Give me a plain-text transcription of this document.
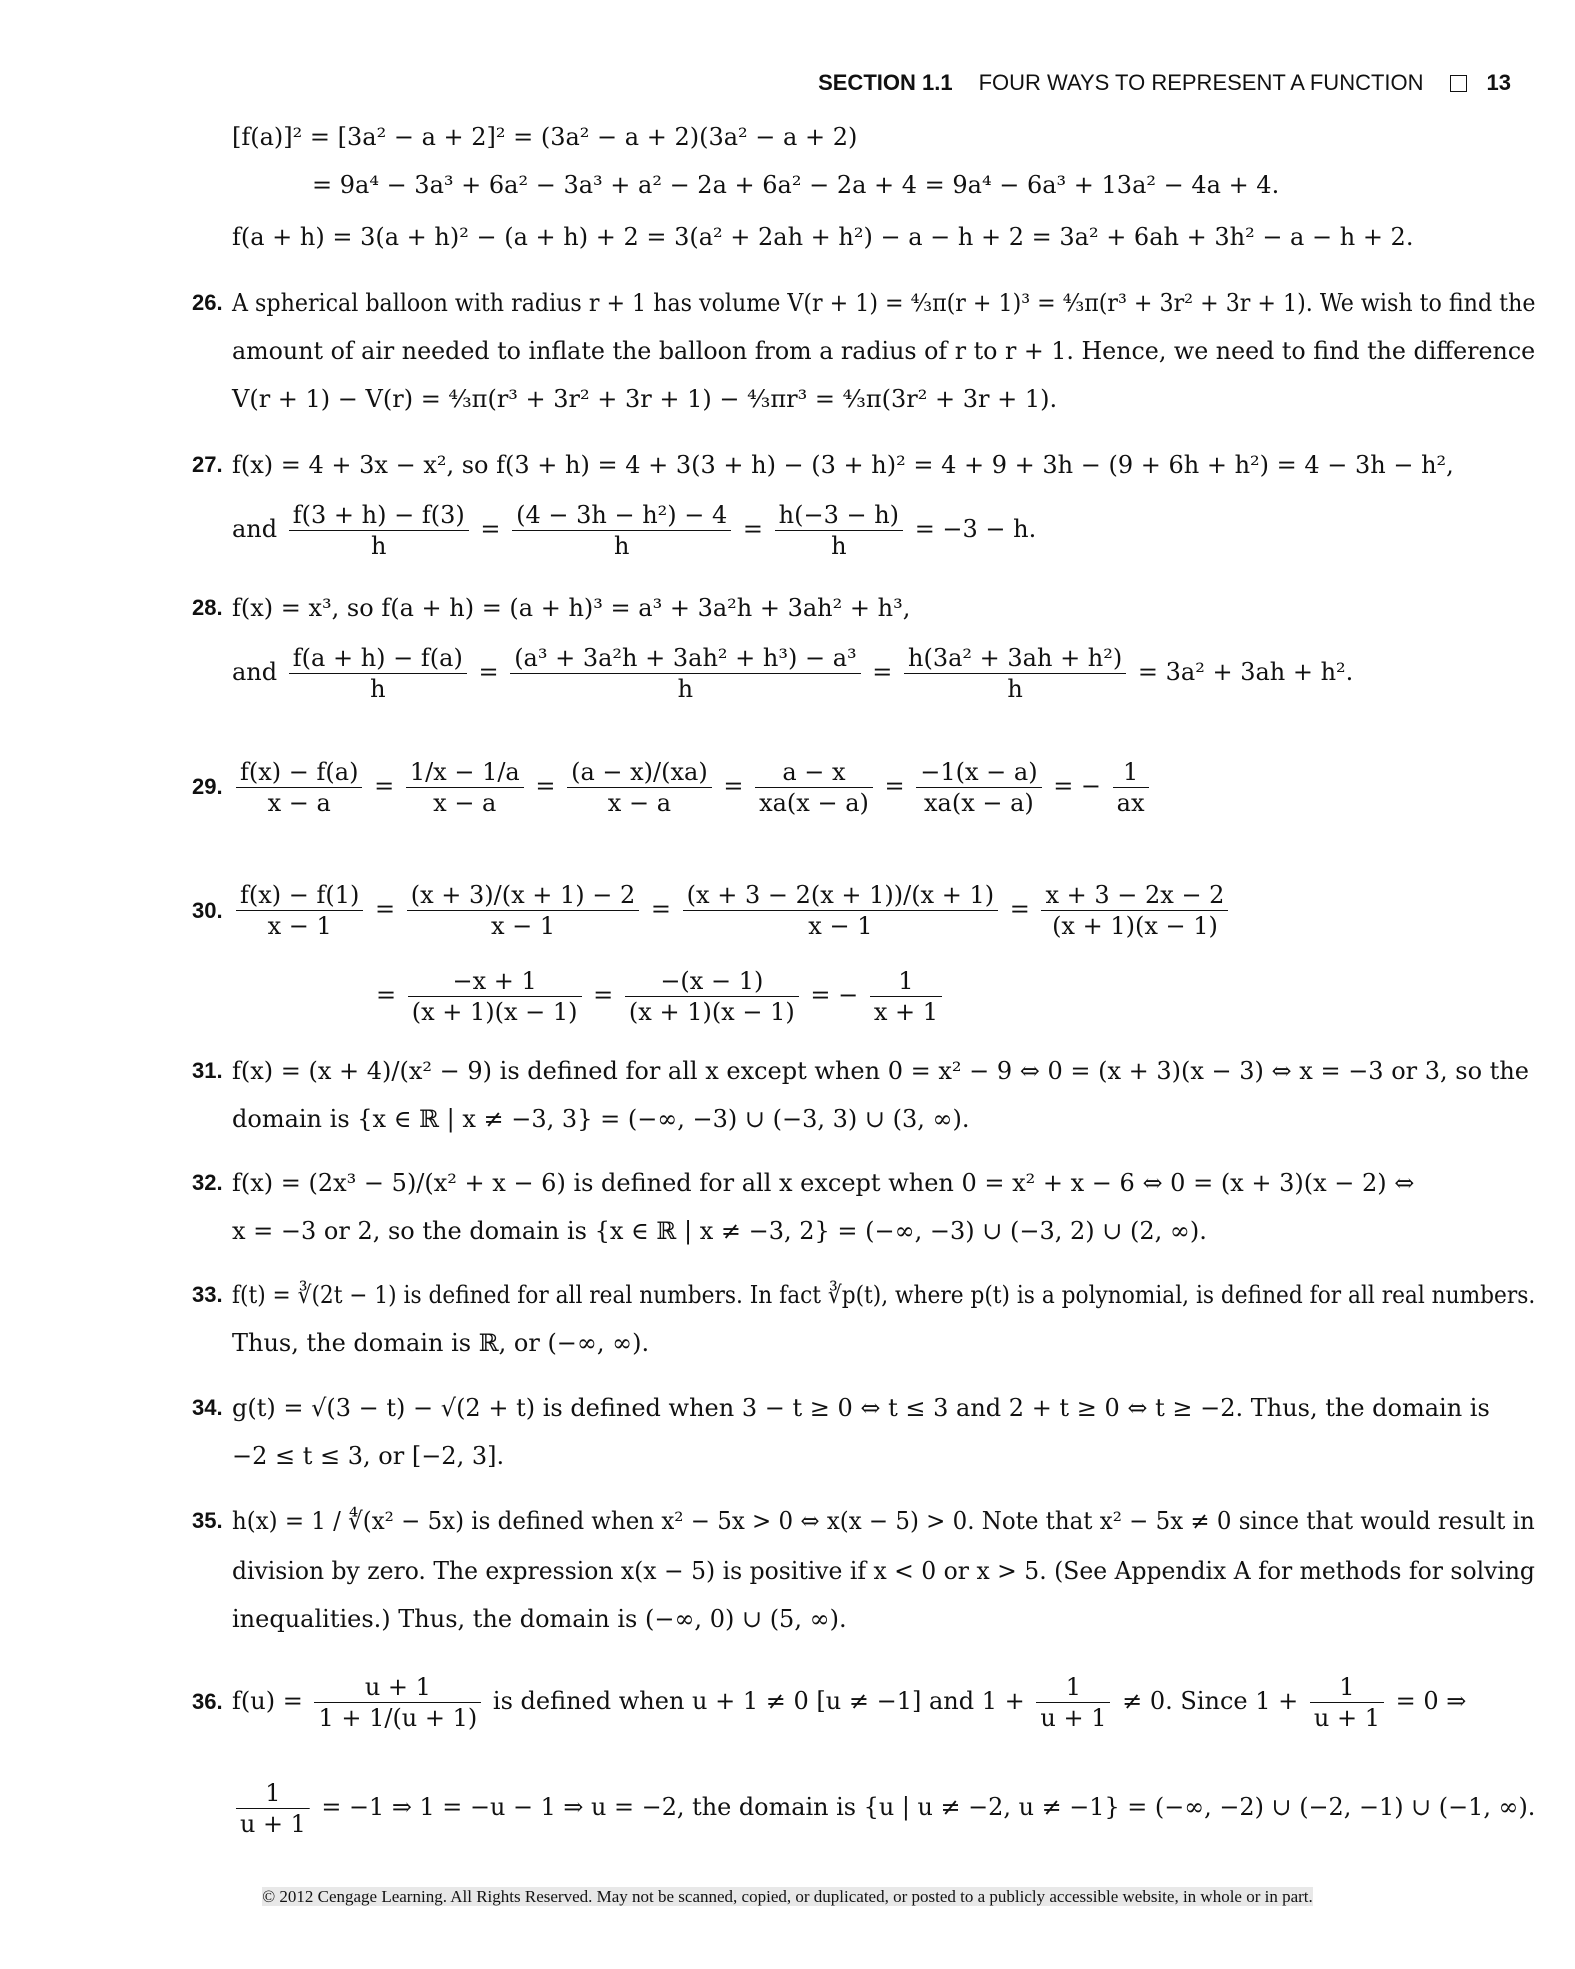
SECTION 1.1 FOUR WAYS TO REPRESENT A FUNCTION	13
[f(a)]² = [3a² − a + 2]² = (3a² − a + 2)(3a² − a + 2)
= 9a⁴ − 3a³ + 6a² − 3a³ + a² − 2a + 6a² − 2a + 4 = 9a⁴ − 6a³ + 13a² − 4a + 4.
f(a + h) = 3(a + h)² − (a + h) + 2 = 3(a² + 2ah + h²) − a − h + 2 = 3a² + 6ah + 3h² − a − h + 2.
26. A spherical balloon with radius r + 1 has volume V(r + 1) = ⁴⁄₃π(r + 1)³ = ⁴⁄₃π(r³ + 3r² + 3r + 1). We wish to find the
amount of air needed to inflate the balloon from a radius of r to r + 1. Hence, we need to find the difference
V(r + 1) − V(r) = ⁴⁄₃π(r³ + 3r² + 3r + 1) − ⁴⁄₃πr³ = ⁴⁄₃π(3r² + 3r + 1).
27. f(x) = 4 + 3x − x², so f(3 + h) = 4 + 3(3 + h) − (3 + h)² = 4 + 9 + 3h − (9 + 6h + h²) = 4 − 3h − h²,
and $\frac{f(3 + h) - f(3)}{h} = \frac{\text{(4 − 3h − h²) − 4}}{h} = \frac{h(-3 - h)}{h} = -3 - h$.
28. f(x) = x³, so f(a + h) = (a + h)³ = a³ + 3a²h + 3ah² + h³,
and $\frac{f(a + h) - f(a)}{h} = \frac{\text{(a³ + 3a²h + 3ah² + h³) − a³}}{h} = \frac{\text{h(3a² + 3ah + h²)}}{h} = 3a^2 + 3ah + h^2$.
29. $\frac{f(x) - f(a)}{x - a} = \frac{1/x - 1/a}{x - a} = \frac{(a - x)/(xa)}{x - a} = \frac{a - x}{xa(x - a)} = \frac{-1(x - a)}{xa(x - a)}$ = − $\frac{1}{ax}$
30. $\frac{f(x) - f(1)}{x - 1} = \frac{(x + 3)/(x + 1) - 2}{x - 1} = \frac{(x + 3 - 2(x + 1))/(x + 1)}{x - 1} = \frac{x + 3 - 2x - 2}{(x + 1)(x - 1)}$
= $\frac{-x + 1}{(x + 1)(x - 1)} = \frac{-(x - 1)}{(x + 1)(x - 1)}$ = − $\frac{1}{x + 1}$
31. f(x) = (x + 4)/(x² − 9) is defined for all x except when 0 = x² − 9 ⇔ 0 = (x + 3)(x − 3) ⇔ x = −3 or 3, so the
domain is {x ∈ ℝ | x ≠ −3, 3} = (−∞, −3) ∪ (−3, 3) ∪ (3, ∞).
32. f(x) = (2x³ − 5)/(x² + x − 6) is defined for all x except when 0 = x² + x − 6 ⇔ 0 = (x + 3)(x − 2) ⇔
x = −3 or 2, so the domain is {x ∈ ℝ | x ≠ −3, 2} = (−∞, −3) ∪ (−3, 2) ∪ (2, ∞).
33. f(t) = ∛(2t − 1) is defined for all real numbers. In fact ∛p(t), where p(t) is a polynomial, is defined for all real numbers.
Thus, the domain is ℝ, or (−∞, ∞).
34. g(t) = √(3 − t) − √(2 + t) is defined when 3 − t ≥ 0 ⇔ t ≤ 3 and 2 + t ≥ 0 ⇔ t ≥ −2. Thus, the domain is
−2 ≤ t ≤ 3, or [−2, 3].
35. h(x) = 1 / ∜(x² − 5x) is defined when x² − 5x > 0 ⇔ x(x − 5) > 0. Note that x² − 5x ≠ 0 since that would result in
division by zero. The expression x(x − 5) is positive if x < 0 or x > 5. (See Appendix A for methods for solving
inequalities.) Thus, the domain is (−∞, 0) ∪ (5, ∞).
36. $f(u) = \frac{u + 1}{1 + 1/(u + 1)}$ is defined when u + 1 ≠ 0 [u ≠ −1] and $1 + \frac{1}{u + 1} \ne 0$. Since $1 + \frac{1}{u + 1} = 0$ ⇒
$\frac{1}{u + 1} = -1$ ⇒ 1 = −u − 1 ⇒ u = −2, the domain is {u | u ≠ −2, u ≠ −1} = (−∞, −2) ∪ (−2, −1) ∪ (−1, ∞).
© 2012 Cengage Learning. All Rights Reserved. May not be scanned, copied, or duplicated, or posted to a publicly accessible website, in whole or in part.
